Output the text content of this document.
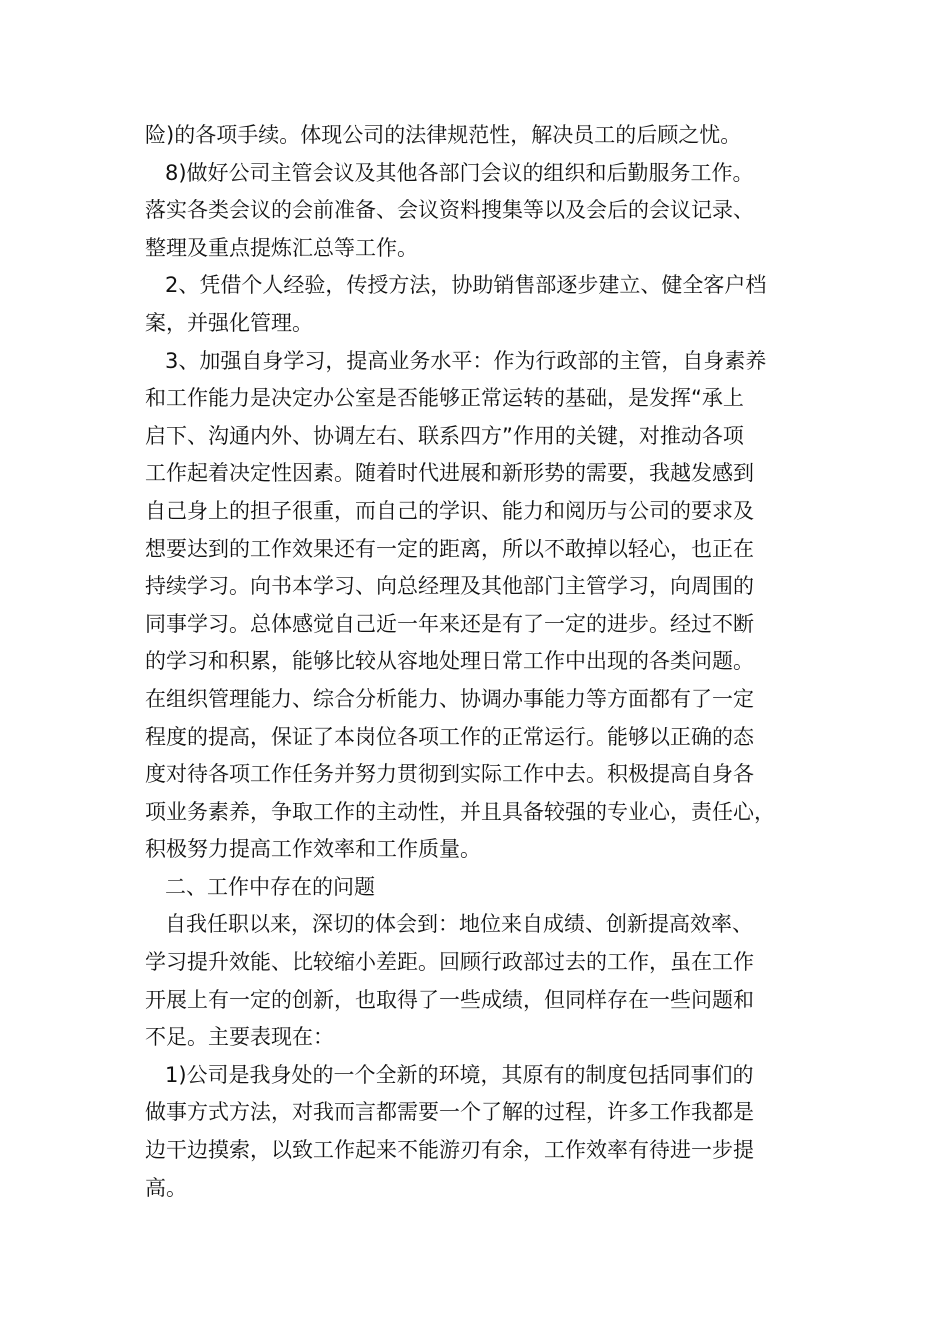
险)的各项手续。体现公司的法律规范性，解决员工的后顾之忧。
8)做好公司主管会议及其他各部门会议的组织和后勤服务工作。
落实各类会议的会前准备、会议资料搜集等以及会后的会议记录、
整理及重点提炼汇总等工作。
2、凭借个人经验，传授方法，协助销售部逐步建立、健全客户档
案，并强化管理。
3、加强自身学习，提高业务水平：作为行政部的主管，自身素养
和工作能力是决定办公室是否能够正常运转的基础，是发挥“承上
启下、沟通内外、协调左右、联系四方”作用的关键，对推动各项
工作起着决定性因素。随着时代进展和新形势的需要，我越发感到
自己身上的担子很重，而自己的学识、能力和阅历与公司的要求及
想要达到的工作效果还有一定的距离，所以不敢掉以轻心，也正在
持续学习。向书本学习、向总经理及其他部门主管学习，向周围的
同事学习。总体感觉自己近一年来还是有了一定的进步。经过不断
的学习和积累，能够比较从容地处理日常工作中出现的各类问题。
在组织管理能力、综合分析能力、协调办事能力等方面都有了一定
程度的提高，保证了本岗位各项工作的正常运行。能够以正确的态
度对待各项工作任务并努力贯彻到实际工作中去。积极提高自身各
项业务素养，争取工作的主动性，并且具备较强的专业心，责任心，
积极努力提高工作效率和工作质量。
二、工作中存在的问题
自我任职以来，深切的体会到：地位来自成绩、创新提高效率、
学习提升效能、比较缩小差距。回顾行政部过去的工作，虽在工作
开展上有一定的创新，也取得了一些成绩，但同样存在一些问题和
不足。主要表现在：
1)公司是我身处的一个全新的环境，其原有的制度包括同事们的
做事方式方法，对我而言都需要一个了解的过程，许多工作我都是
边干边摸索，以致工作起来不能游刃有余，工作效率有待进一步提
高。
